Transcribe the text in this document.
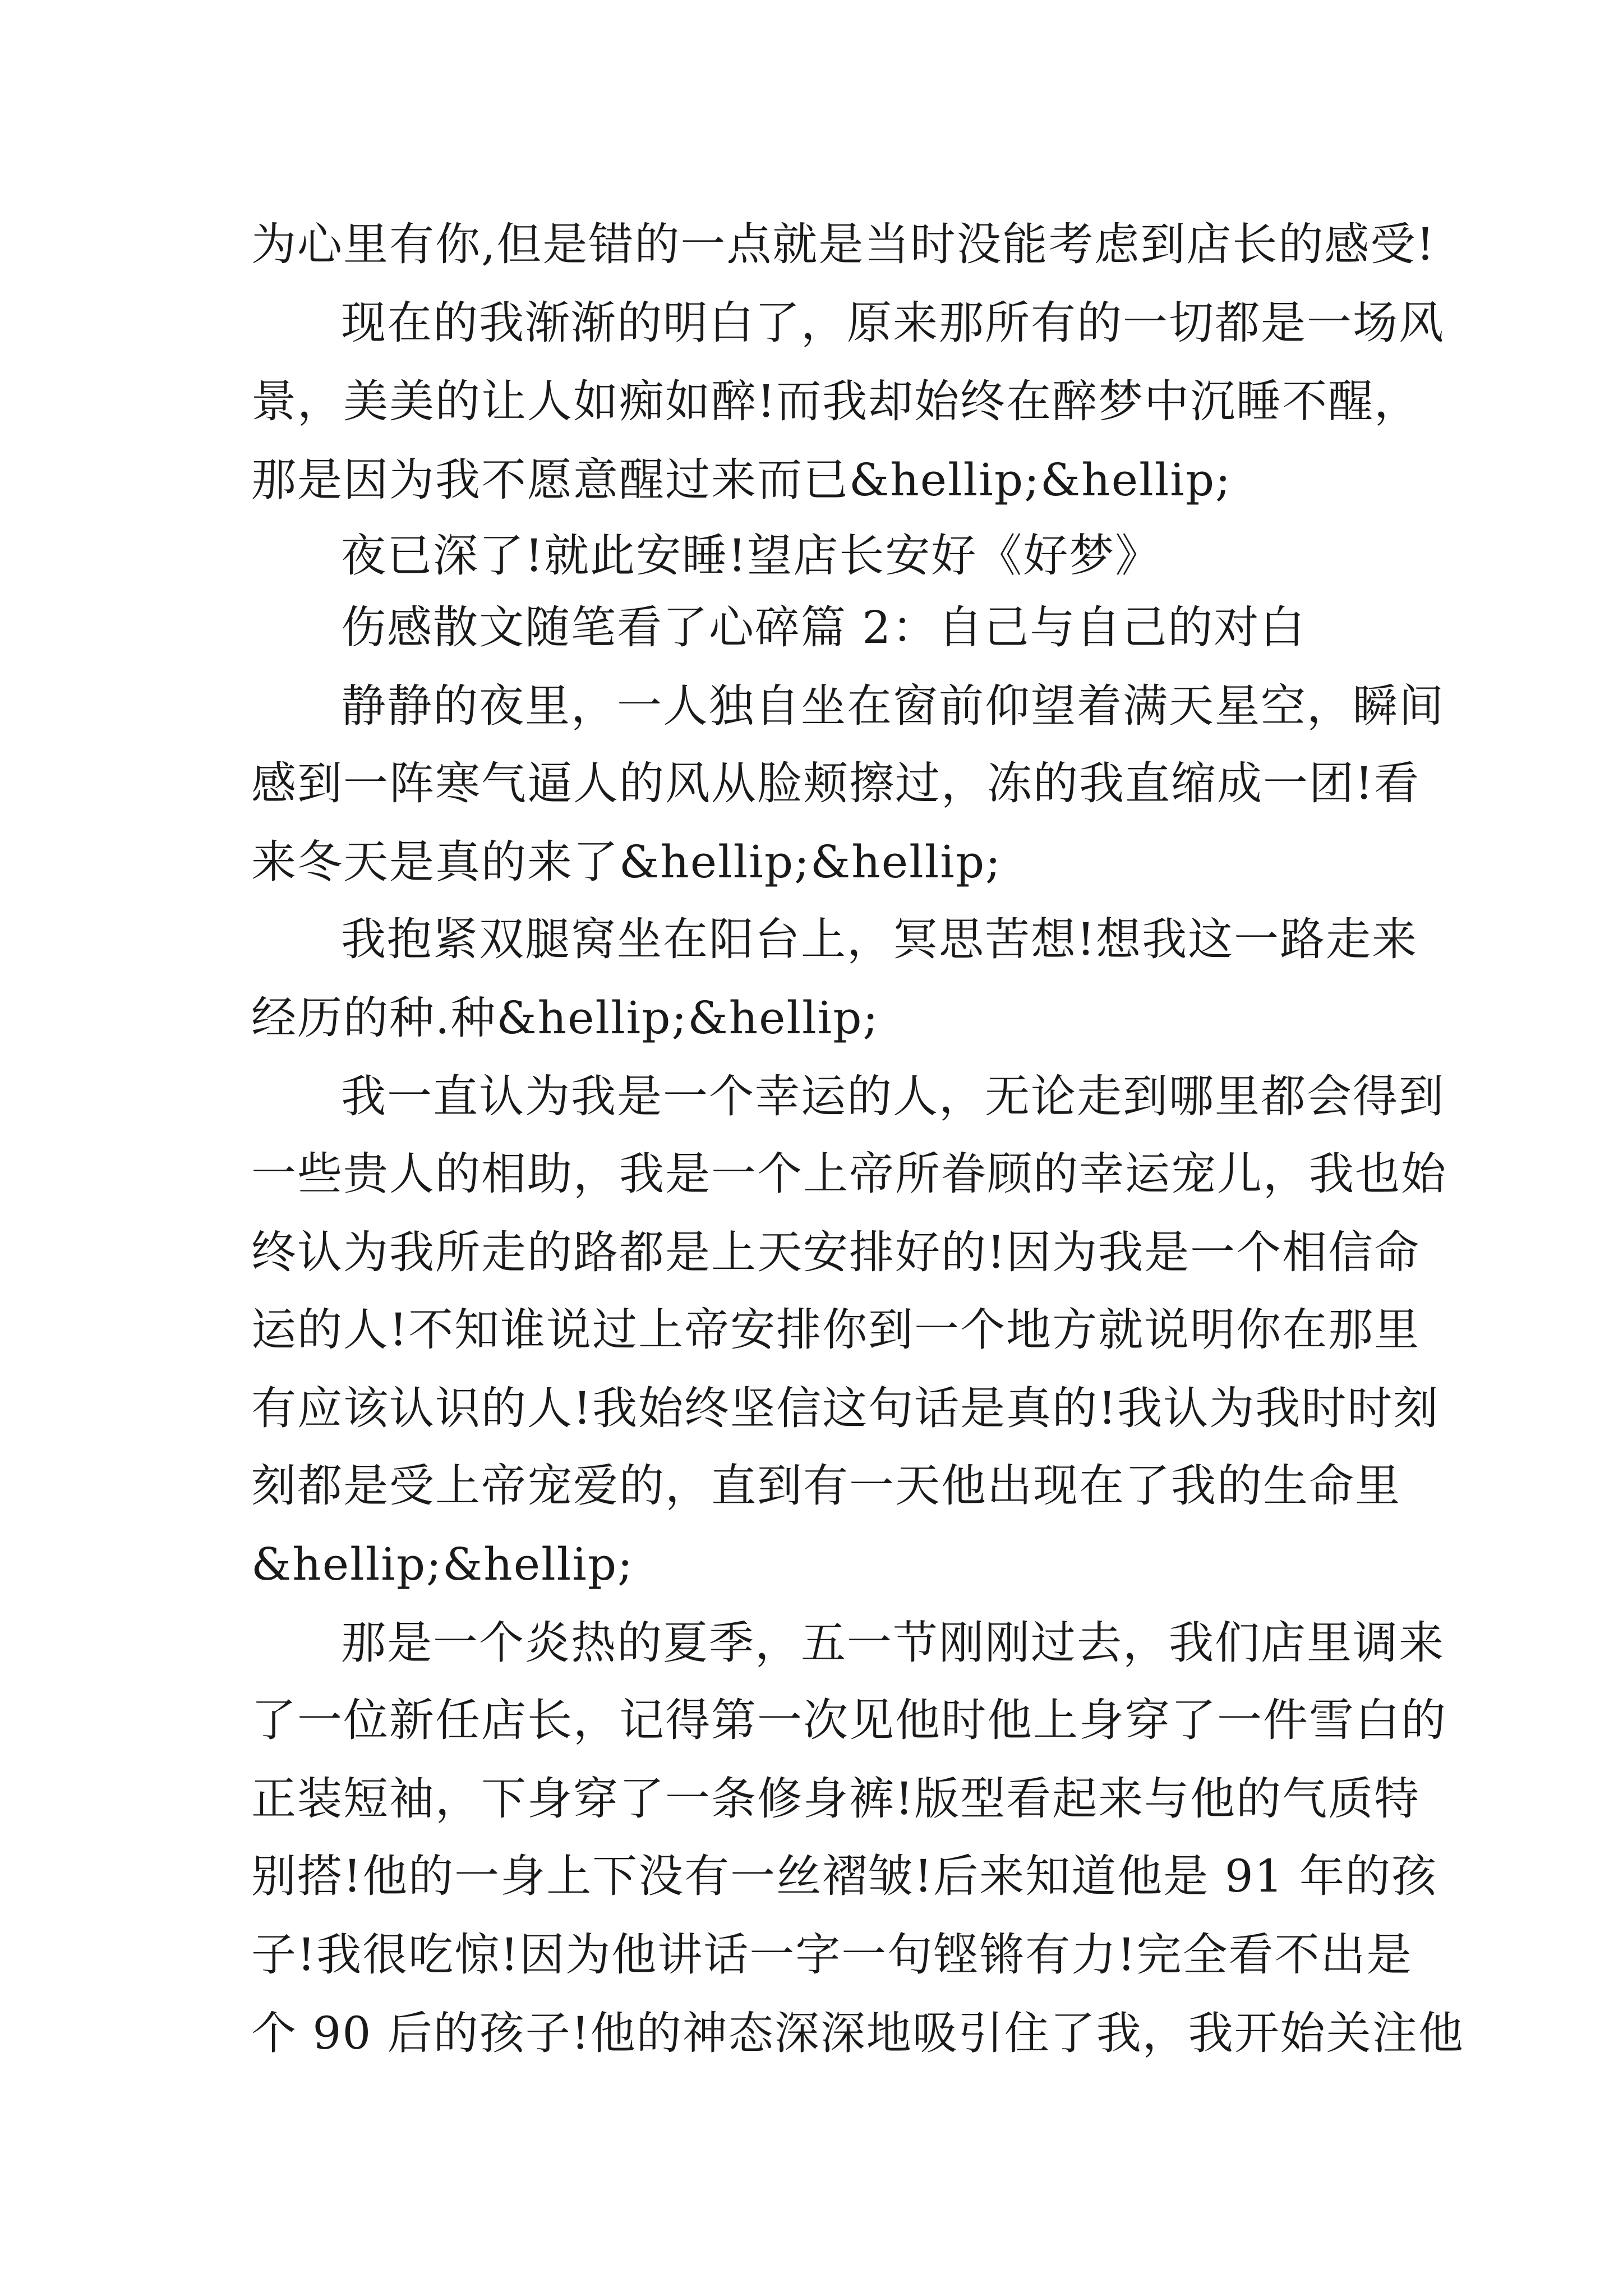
为心里有你,但是错的一点就是当时没能考虑到店长的感受!
现在的我渐渐的明白了，原来那所有的一切都是一场风
景，美美的让人如痴如醉!而我却始终在醉梦中沉睡不醒，
那是因为我不愿意醒过来而已&hellip;&hellip;
夜已深了!就此安睡!望店长安好《好梦》
伤感散文随笔看了心碎篇 2：自己与自己的对白
静静的夜里，一人独自坐在窗前仰望着满天星空，瞬间
感到一阵寒气逼人的风从脸颊擦过，冻的我直缩成一团!看
来冬天是真的来了&hellip;&hellip;
我抱紧双腿窝坐在阳台上，冥思苦想!想我这一路走来
经历的种.种&hellip;&hellip;
我一直认为我是一个幸运的人，无论走到哪里都会得到
一些贵人的相助，我是一个上帝所眷顾的幸运宠儿，我也始
终认为我所走的路都是上天安排好的!因为我是一个相信命
运的人!不知谁说过上帝安排你到一个地方就说明你在那里
有应该认识的人!我始终坚信这句话是真的!我认为我时时刻
刻都是受上帝宠爱的，直到有一天他出现在了我的生命里
&hellip;&hellip;
那是一个炎热的夏季，五一节刚刚过去，我们店里调来
了一位新任店长，记得第一次见他时他上身穿了一件雪白的
正装短袖，下身穿了一条修身裤!版型看起来与他的气质特
别搭!他的一身上下没有一丝褶皱!后来知道他是 91 年的孩
子!我很吃惊!因为他讲话一字一句铿锵有力!完全看不出是
个 90 后的孩子!他的神态深深地吸引住了我，我开始关注他
